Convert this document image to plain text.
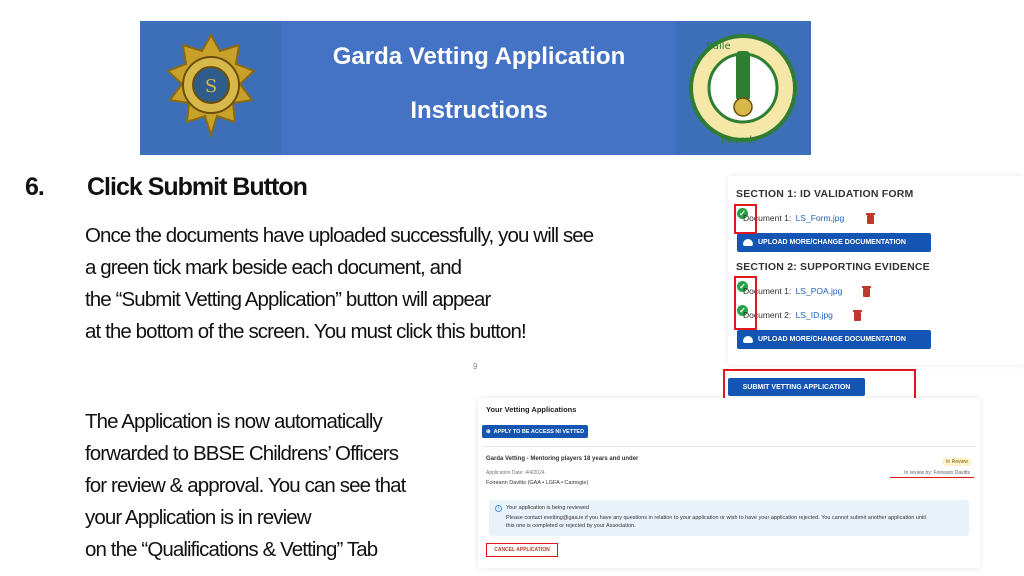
S
Garda Vetting Application
Instructions
Baile
naomh
6. Click Submit Button
Once the documents have uploaded successfully, you will see
a green tick mark beside each document, and
the “Submit Vetting Application” button will appear
at the bottom of the screen. You must click this button!
9
The Application is now automatically
forwarded to BBSE Childrens’ Officers
for review & approval. You can see that
your Application is in review
on the “Qualifications & Vetting” Tab
SECTION 1: ID VALIDATION FORM
✓
Document 1: LS_Form.jpg
UPLOAD MORE/CHANGE DOCUMENTATION
SECTION 2: SUPPORTING EVIDENCE
✓
Document 1: LS_POA.jpg
✓
Document 2: LS_ID.jpg
UPLOAD MORE/CHANGE DOCUMENTATION
SUBMIT VETTING APPLICATION
Your Vetting Applications
⊕ APPLY TO BE ACCESS NI VETTED
Garda Vetting - Mentoring players 18 years and under
Application Date: 4/4/2024
Foireann Davitts (GAA • LGFA • Camogie)
In Review
In review by: Foireann Davitts
i	Your application is being reviewed
Please contact evetting@gaa.ie if you have any questions in relation to your application or wish to have your application rejected. You cannot submit another application until
this one is completed or rejected by your Association.
CANCEL APPLICATION
